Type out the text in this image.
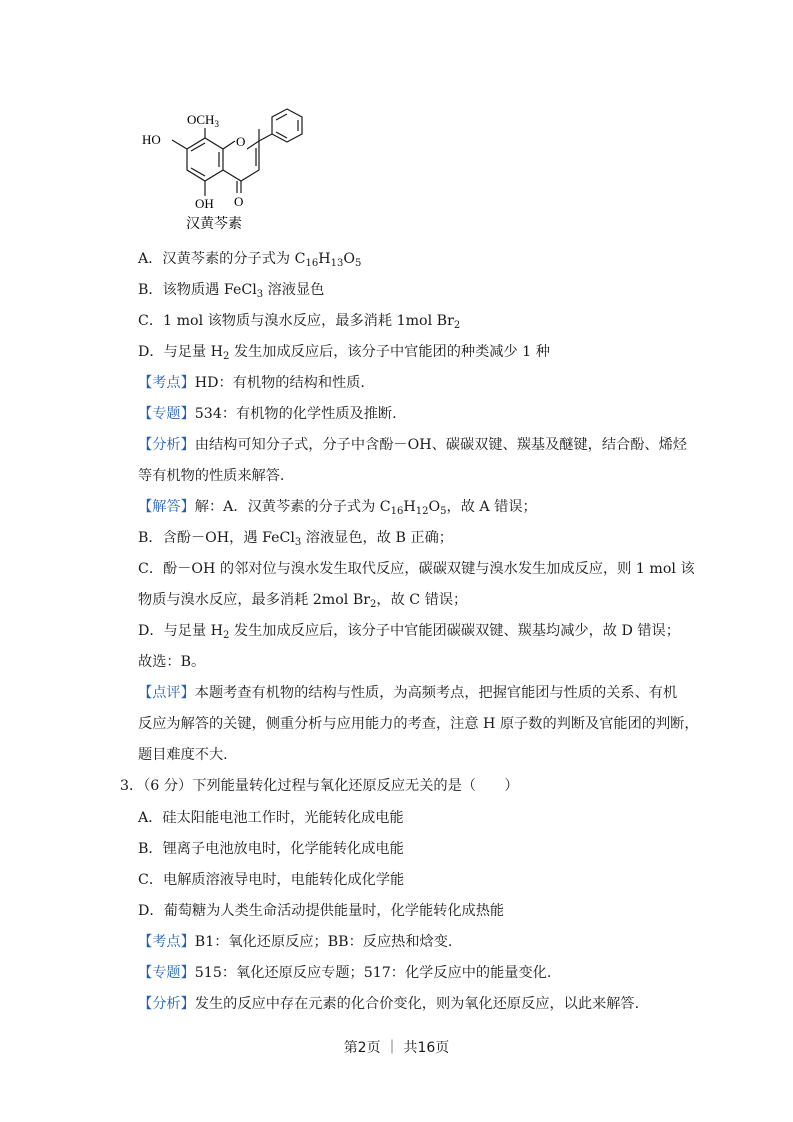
$OCH_3$
HO	O
OH O
汉黄芩素
A．汉黄芩素的分子式为 $C_{16}H_{13}O_5$
B．该物质遇 FeCl$_3$ 溶液显色
C．1 mol 该物质与溴水反应，最多消耗 1mol $Br_2$
D．与足量 $H_2$ 发生加成反应后，该分子中官能团的种类减少 1 种
【考点】HD：有机物的结构和性质.
【专题】534：有机物的化学性质及推断.
【分析】由结构可知分子式，分子中含酚－OH、碳碳双键、羰基及醚键，结合酚、烯烃
等有机物的性质来解答.
【解答】解：A．汉黄芩素的分子式为 $C_{16}H_{12}O_5$，故 A 错误；
B．含酚－OH，遇 FeCl$_3$ 溶液显色，故 B 正确；
C．酚－OH 的邻对位与溴水发生取代反应，碳碳双键与溴水发生加成反应，则 1 mol 该
物质与溴水反应，最多消耗 2mol $Br_2$，故 C 错误；
D．与足量 $H_2$ 发生加成反应后，该分子中官能团碳碳双键、羰基均减少，故 D 错误；
故选：B。
【点评】本题考查有机物的结构与性质，为高频考点，把握官能团与性质的关系、有机
反应为解答的关键，侧重分析与应用能力的考查，注意 H 原子数的判断及官能团的判断，
题目难度不大.
3．（6 分）下列能量转化过程与氧化还原反应无关的是（　　）
A．硅太阳能电池工作时，光能转化成电能
B．锂离子电池放电时，化学能转化成电能
C．电解质溶液导电时，电能转化成化学能
D．葡萄糖为人类生命活动提供能量时，化学能转化成热能
【考点】B1：氧化还原反应；BB：反应热和焓变.
【专题】515：氧化还原反应专题；517：化学反应中的能量变化.
【分析】发生的反应中存在元素的化合价变化，则为氧化还原反应，以此来解答.
第2页 ｜ 共16页
